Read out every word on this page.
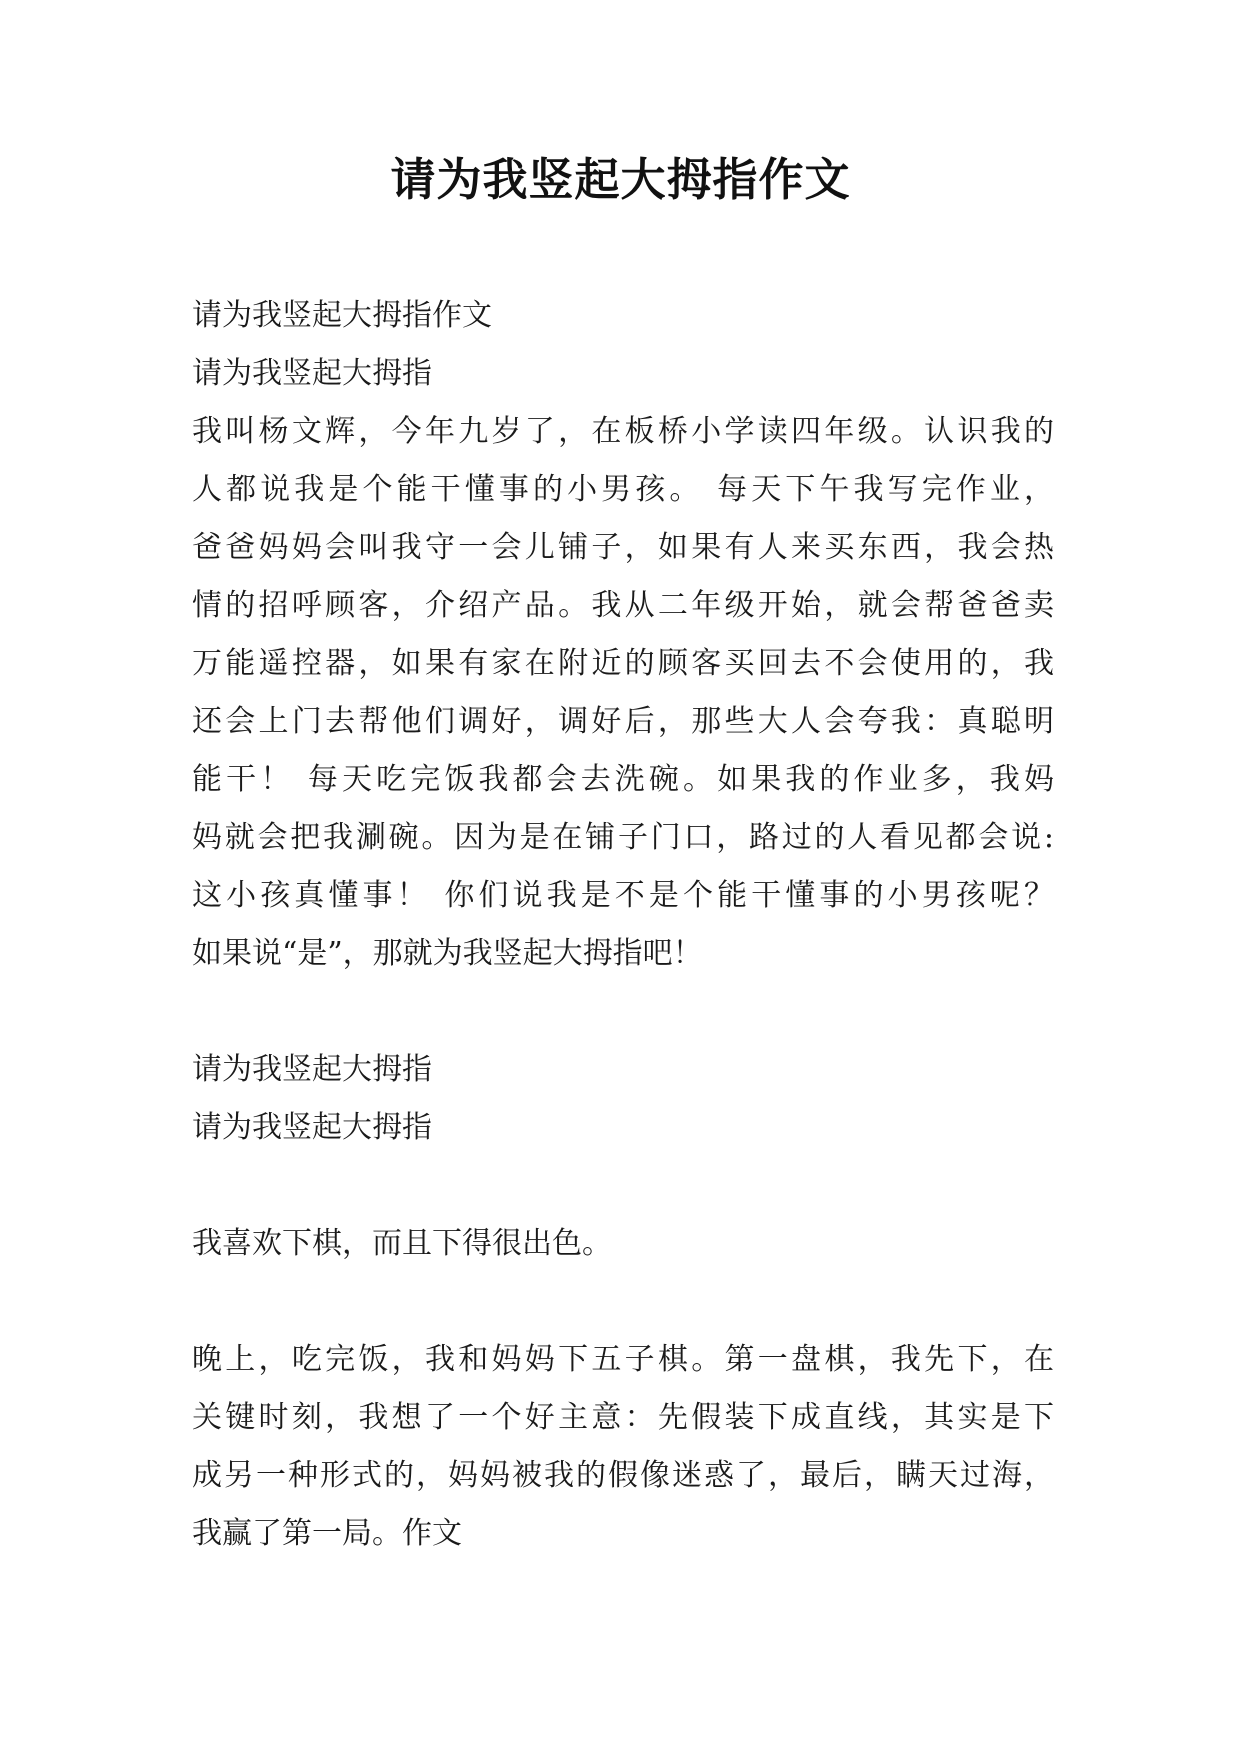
请为我竖起大拇指作文
请为我竖起大拇指作文
请为我竖起大拇指
我叫杨文辉，今年九岁了，在板桥小学读四年级。认识我的
人都说我是个能干懂事的小男孩。 每天下午我写完作业，
爸爸妈妈会叫我守一会儿铺子，如果有人来买东西，我会热
情的招呼顾客，介绍产品。我从二年级开始，就会帮爸爸卖
万能遥控器，如果有家在附近的顾客买回去不会使用的，我
还会上门去帮他们调好，调好后，那些大人会夸我：真聪明
能干！ 每天吃完饭我都会去洗碗。如果我的作业多，我妈
妈就会把我涮碗。因为是在铺子门口，路过的人看见都会说:
这小孩真懂事！ 你们说我是不是个能干懂事的小男孩呢？
如果说“是”，那就为我竖起大拇指吧！
请为我竖起大拇指
请为我竖起大拇指
我喜欢下棋，而且下得很出色。
晚上，吃完饭，我和妈妈下五子棋。第一盘棋，我先下，在
关键时刻，我想了一个好主意：先假装下成直线，其实是下
成另一种形式的，妈妈被我的假像迷惑了，最后，瞒天过海，
我赢了第一局。作文
